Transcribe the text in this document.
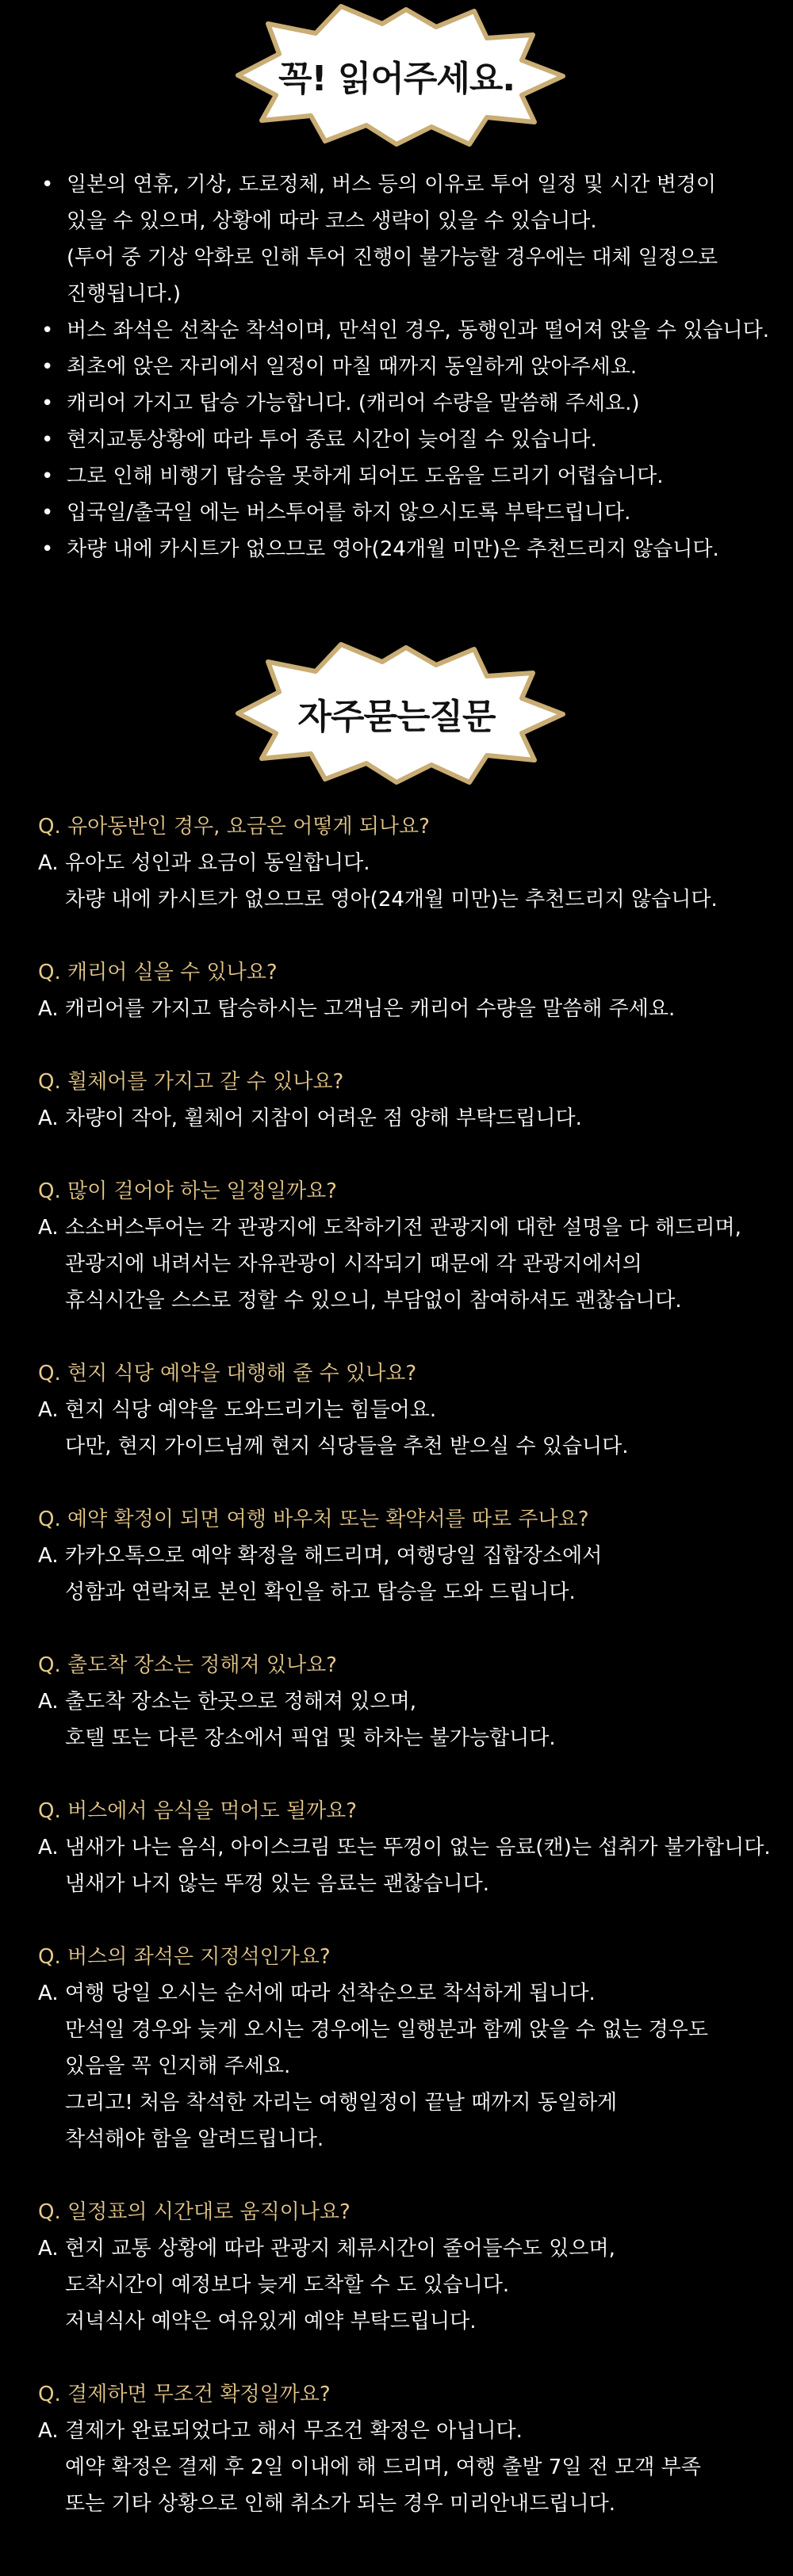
꼭! 읽어주세요.
• 일본의 연휴, 기상, 도로정체, 버스 등의 이유로 투어 일정 및 시간 변경이
있을 수 있으며, 상황에 따라 코스 생략이 있을 수 있습니다.
(투어 중 기상 악화로 인해 투어 진행이 불가능할 경우에는 대체 일정으로
진행됩니다.)
• 버스 좌석은 선착순 착석이며, 만석인 경우, 동행인과 떨어져 앉을 수 있습니다.
• 최초에 앉은 자리에서 일정이 마칠 때까지 동일하게 앉아주세요.
• 캐리어 가지고 탑승 가능합니다. (캐리어 수량을 말씀해 주세요.)
• 현지교통상황에 따라 투어 종료 시간이 늦어질 수 있습니다.
• 그로 인해 비행기 탑승을 못하게 되어도 도움을 드리기 어렵습니다.
• 입국일/출국일 에는 버스투어를 하지 않으시도록 부탁드립니다.
• 차량 내에 카시트가 없으므로 영아(24개월 미만)은 추천드리지 않습니다.
자주묻는질문
Q. 유아동반인 경우, 요금은 어떻게 되나요?
A. 유아도 성인과 요금이 동일합니다.
차량 내에 카시트가 없으므로 영아(24개월 미만)는 추천드리지 않습니다.
Q. 캐리어 실을 수 있나요?
A. 캐리어를 가지고 탑승하시는 고객님은 캐리어 수량을 말씀해 주세요.
Q. 휠체어를 가지고 갈 수 있나요?
A. 차량이 작아, 휠체어 지참이 어려운 점 양해 부탁드립니다.
Q. 많이 걸어야 하는 일정일까요?
A. 소소버스투어는 각 관광지에 도착하기전 관광지에 대한 설명을 다 해드리며,
관광지에 내려서는 자유관광이 시작되기 때문에 각 관광지에서의
휴식시간을 스스로 정할 수 있으니, 부담없이 참여하셔도 괜찮습니다.
Q. 현지 식당 예약을 대행해 줄 수 있나요?
A. 현지 식당 예약을 도와드리기는 힘들어요.
다만, 현지 가이드님께 현지 식당들을 추천 받으실 수 있습니다.
Q. 예약 확정이 되면 여행 바우처 또는 확약서를 따로 주나요?
A. 카카오톡으로 예약 확정을 해드리며, 여행당일 집합장소에서
성함과 연락처로 본인 확인을 하고 탑승을 도와 드립니다.
Q. 출도착 장소는 정해져 있나요?
A. 출도착 장소는 한곳으로 정해져 있으며,
호텔 또는 다른 장소에서 픽업 및 하차는 불가능합니다.
Q. 버스에서 음식을 먹어도 될까요?
A. 냄새가 나는 음식, 아이스크림 또는 뚜껑이 없는 음료(캔)는 섭취가 불가합니다.
냄새가 나지 않는 뚜껑 있는 음료는 괜찮습니다.
Q. 버스의 좌석은 지정석인가요?
A. 여행 당일 오시는 순서에 따라 선착순으로 착석하게 됩니다.
만석일 경우와 늦게 오시는 경우에는 일행분과 함께 앉을 수 없는 경우도
있음을 꼭 인지해 주세요.
그리고! 처음 착석한 자리는 여행일정이 끝날 때까지 동일하게
착석해야 함을 알려드립니다.
Q. 일정표의 시간대로 움직이나요?
A. 현지 교통 상황에 따라 관광지 체류시간이 줄어들수도 있으며,
도착시간이 예정보다 늦게 도착할 수 도 있습니다.
저녁식사 예약은 여유있게 예약 부탁드립니다.
Q. 결제하면 무조건 확정일까요?
A. 결제가 완료되었다고 해서 무조건 확정은 아닙니다.
예약 확정은 결제 후 2일 이내에 해 드리며, 여행 출발 7일 전 모객 부족
또는 기타 상황으로 인해 취소가 되는 경우 미리안내드립니다.
